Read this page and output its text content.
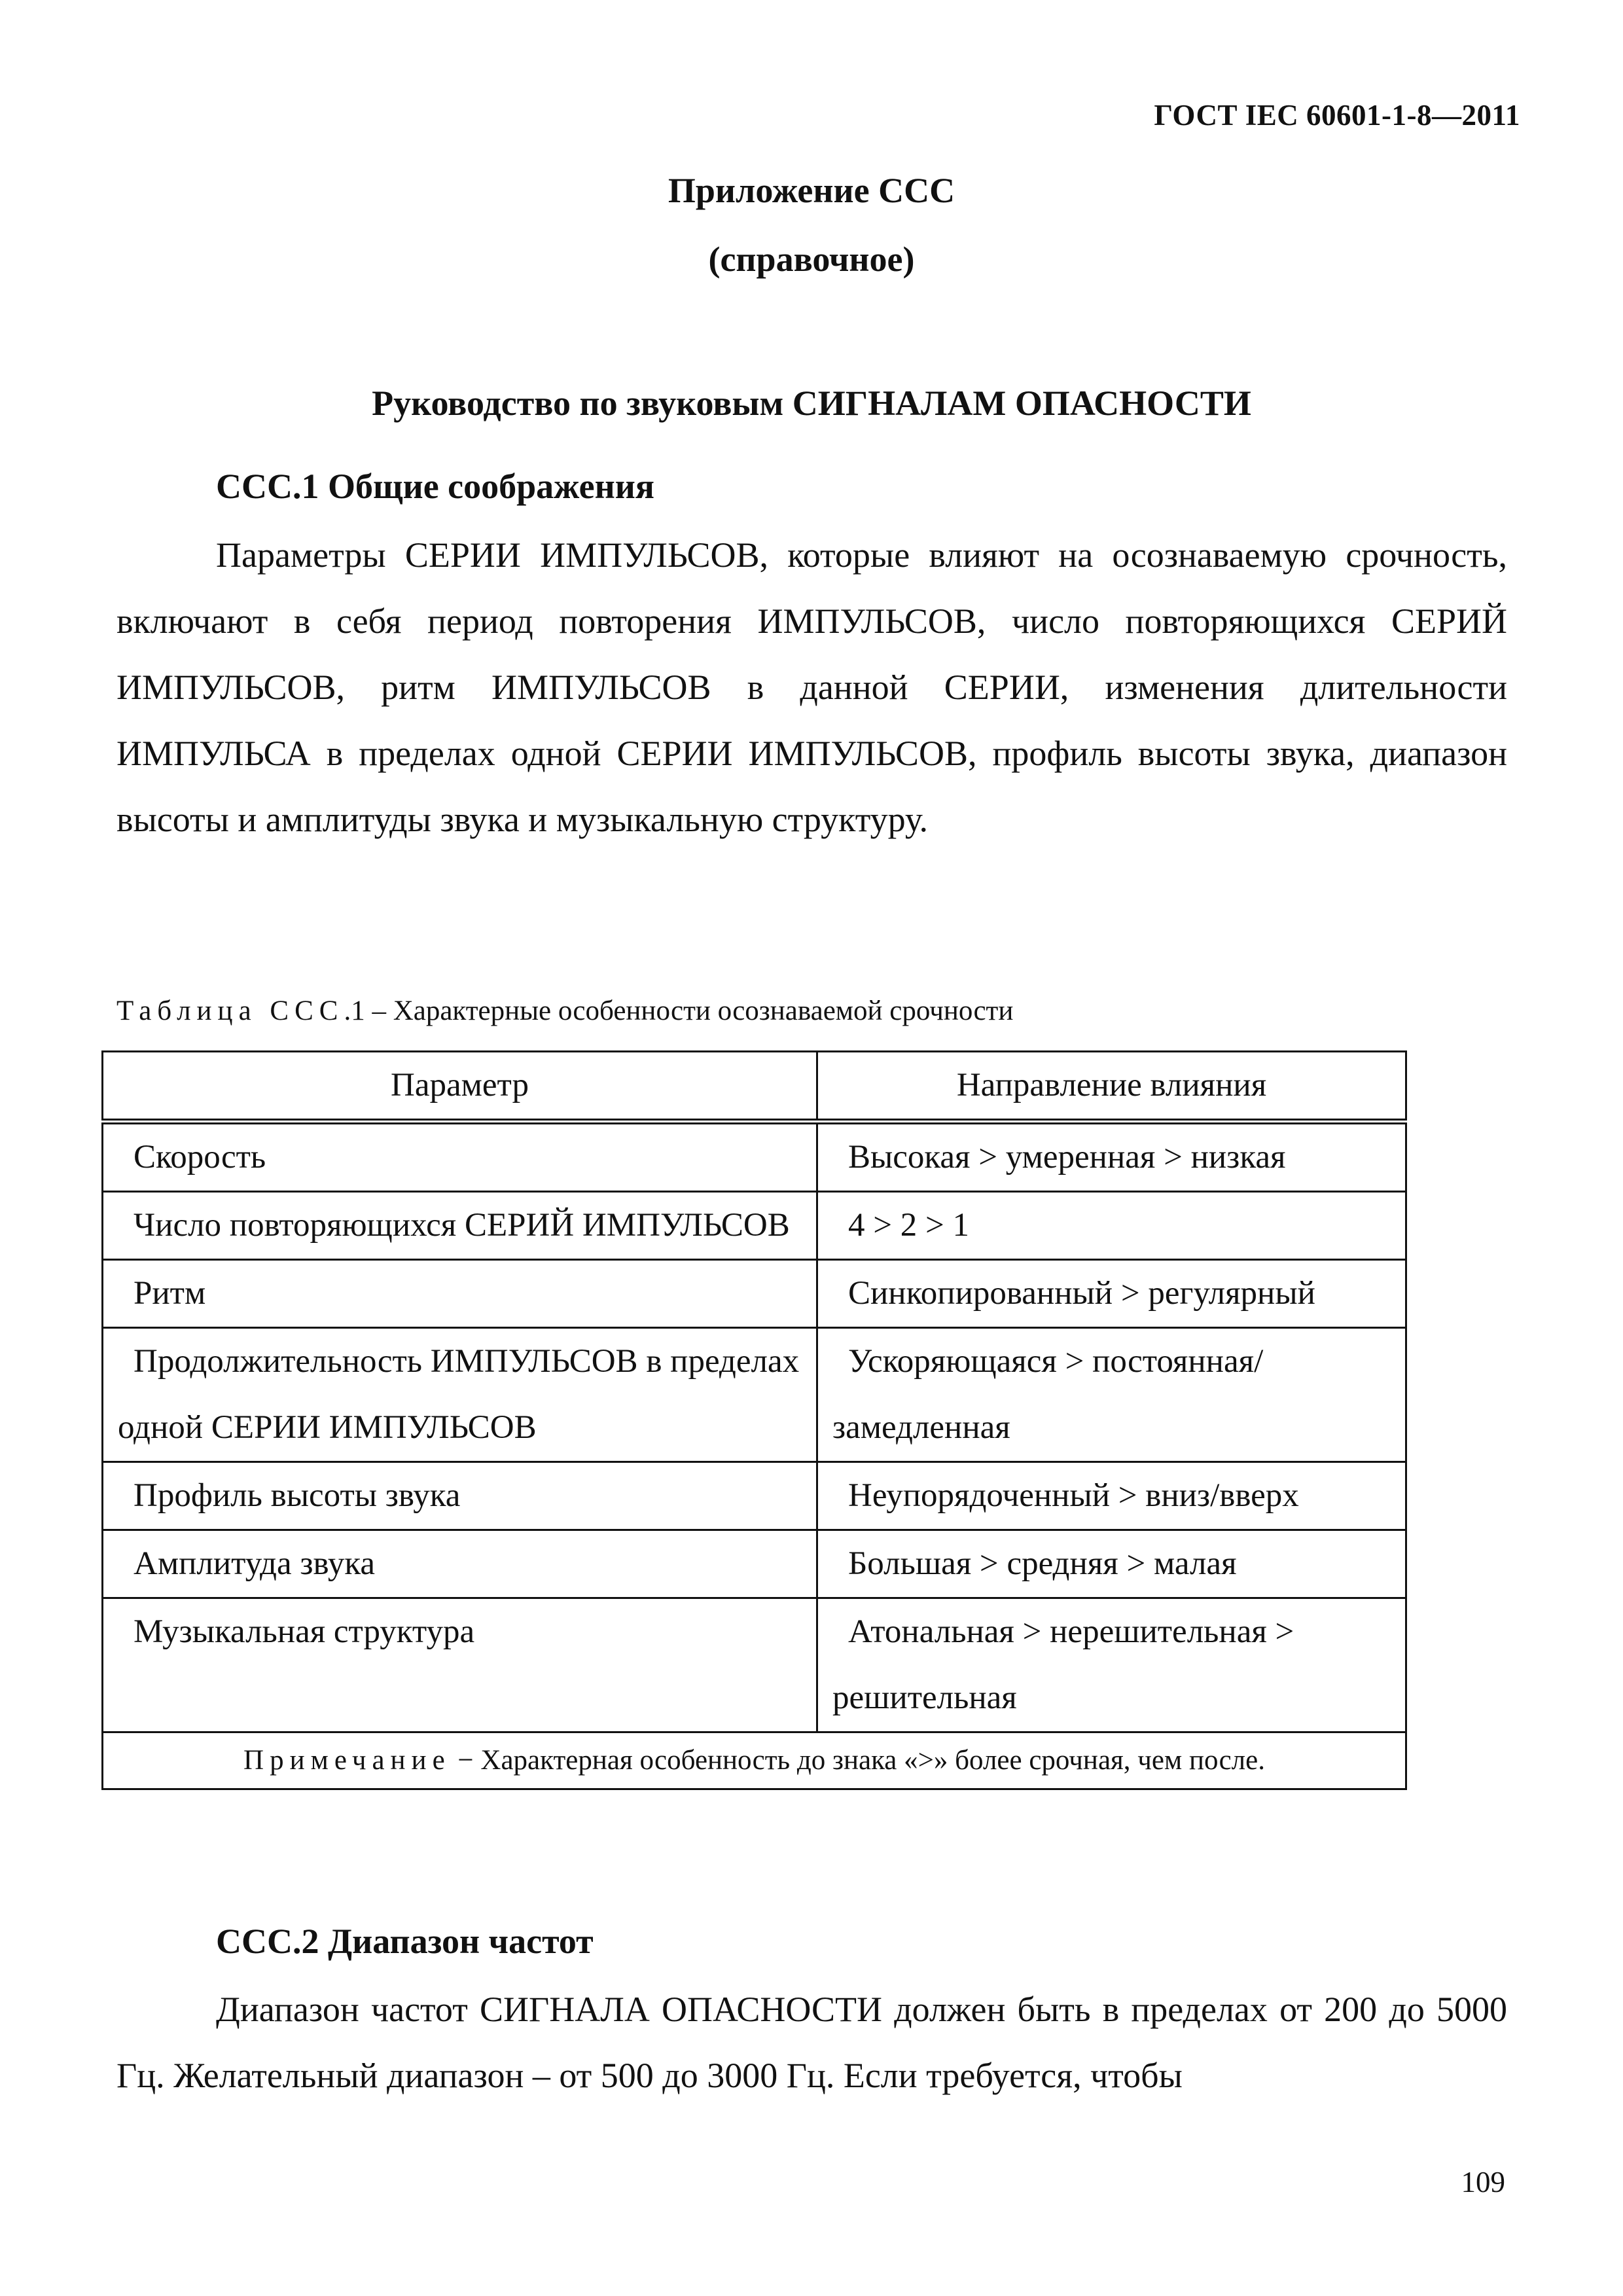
ГОСТ IEC 60601-1-8—2011
Приложение ССС
(справочное)
Руководство по звуковым СИГНАЛАМ ОПАСНОСТИ
ССС.1 Общие соображения

Параметры СЕРИИ ИМПУЛЬСОВ, которые влияют на осознаваемую срочность, включают в себя период повторения ИМПУЛЬСОВ, число повторяющихся СЕРИЙ ИМПУЛЬСОВ, ритм ИМПУЛЬСОВ в данной СЕРИИ, изменения длительности ИМПУЛЬСА в пределах одной СЕРИИ ИМПУЛЬСОВ, профиль высоты звука, диапазон высоты и амплитуды звука и музыкальную структуру.

Таблица ССС.1 – Характерные особенности осознаваемой срочности
Параметр	Направление влияния

Скорость	Высокая > умеренная > низкая

Число повторяющихся СЕРИЙ ИМПУЛЬСОВ	4 > 2 > 1

Ритм	Синкопированный > регулярный

Продолжительность ИМПУЛЬСОВ в пределах одной СЕРИИ ИМПУЛЬСОВ	Ускоряющаяся > постоянная/замедленная

Профиль высоты звука	Неупорядоченный > вниз/вверх

Амплитуда звука	Большая > средняя > малая

Музыкальная структура	Атональная > нерешительная > решительная

Примечание − Характерная особенность до знака «>» более срочная, чем после.	
ССС.2 Диапазон частот

Диапазон частот СИГНАЛА ОПАСНОСТИ должен быть в пределах от 200 до 5000 Гц. Желательный диапазон – от 500 до 3000 Гц. Если требуется, чтобы

109
